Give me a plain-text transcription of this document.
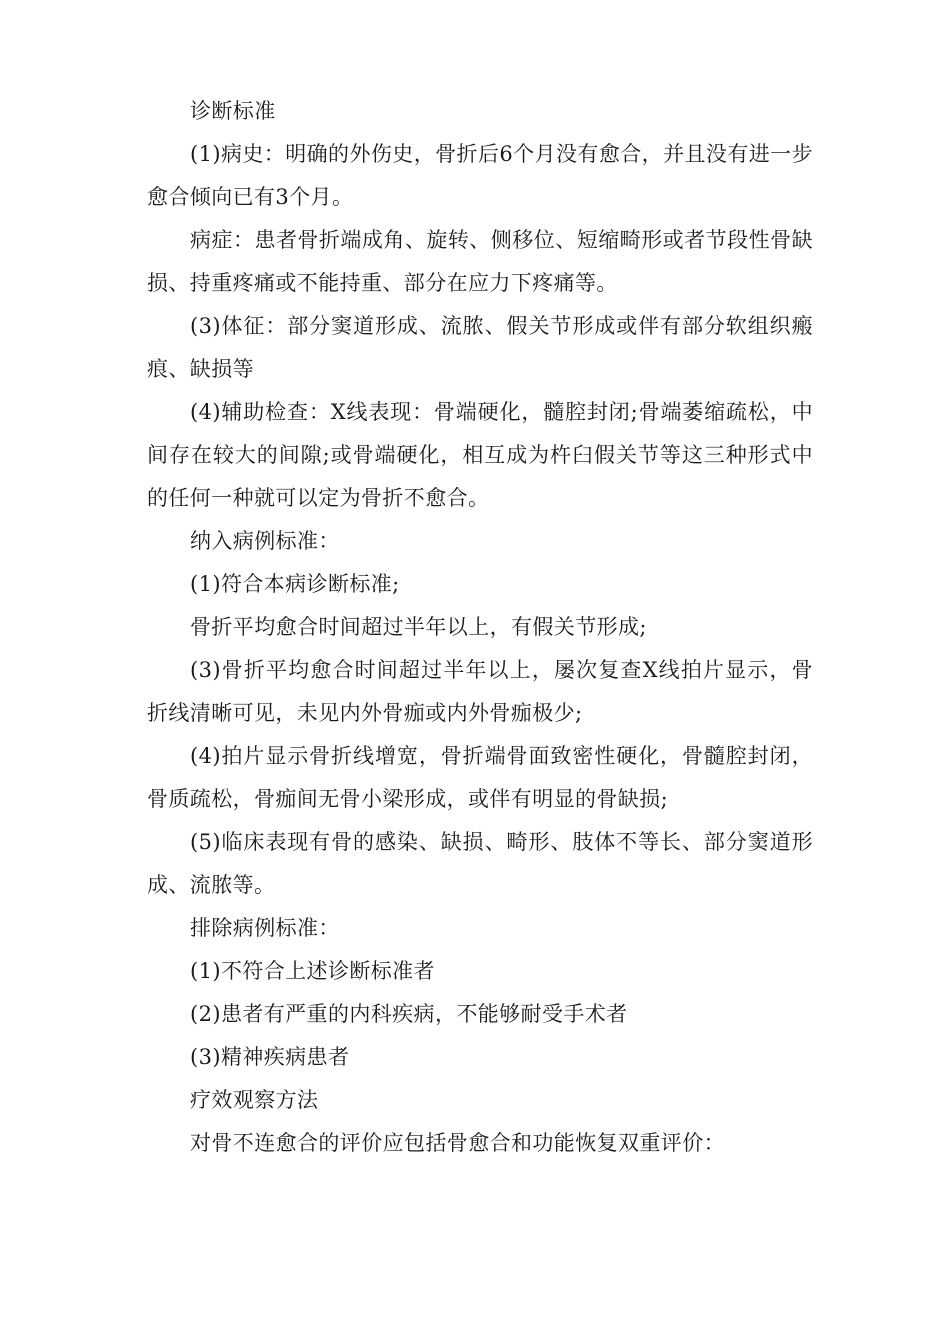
诊断标准

(1)病史：明确的外伤史，骨折后6个月没有愈合，并且没有进一步愈合倾向已有3个月。

病症：患者骨折端成角、旋转、侧移位、短缩畸形或者节段性骨缺损、持重疼痛或不能持重、部分在应力下疼痛等。

(3)体征：部分窦道形成、流脓、假关节形成或伴有部分软组织瘢痕、缺损等

(4)辅助检查：X线表现：骨端硬化，髓腔封闭;骨端萎缩疏松，中间存在较大的间隙;或骨端硬化，相互成为杵臼假关节等这三种形式中的任何一种就可以定为骨折不愈合。

纳入病例标准：

(1)符合本病诊断标准;

骨折平均愈合时间超过半年以上，有假关节形成;

(3)骨折平均愈合时间超过半年以上，屡次复查X线拍片显示，骨折线清晰可见，未见内外骨痂或内外骨痂极少;

(4)拍片显示骨折线增宽，骨折端骨面致密性硬化，骨髓腔封闭，骨质疏松，骨痂间无骨小梁形成，或伴有明显的骨缺损;

(5)临床表现有骨的感染、缺损、畸形、肢体不等长、部分窦道形成、流脓等。

排除病例标准：

(1)不符合上述诊断标准者

(2)患者有严重的内科疾病，不能够耐受手术者

(3)精神疾病患者

疗效观察方法

对骨不连愈合的评价应包括骨愈合和功能恢复双重评价：
